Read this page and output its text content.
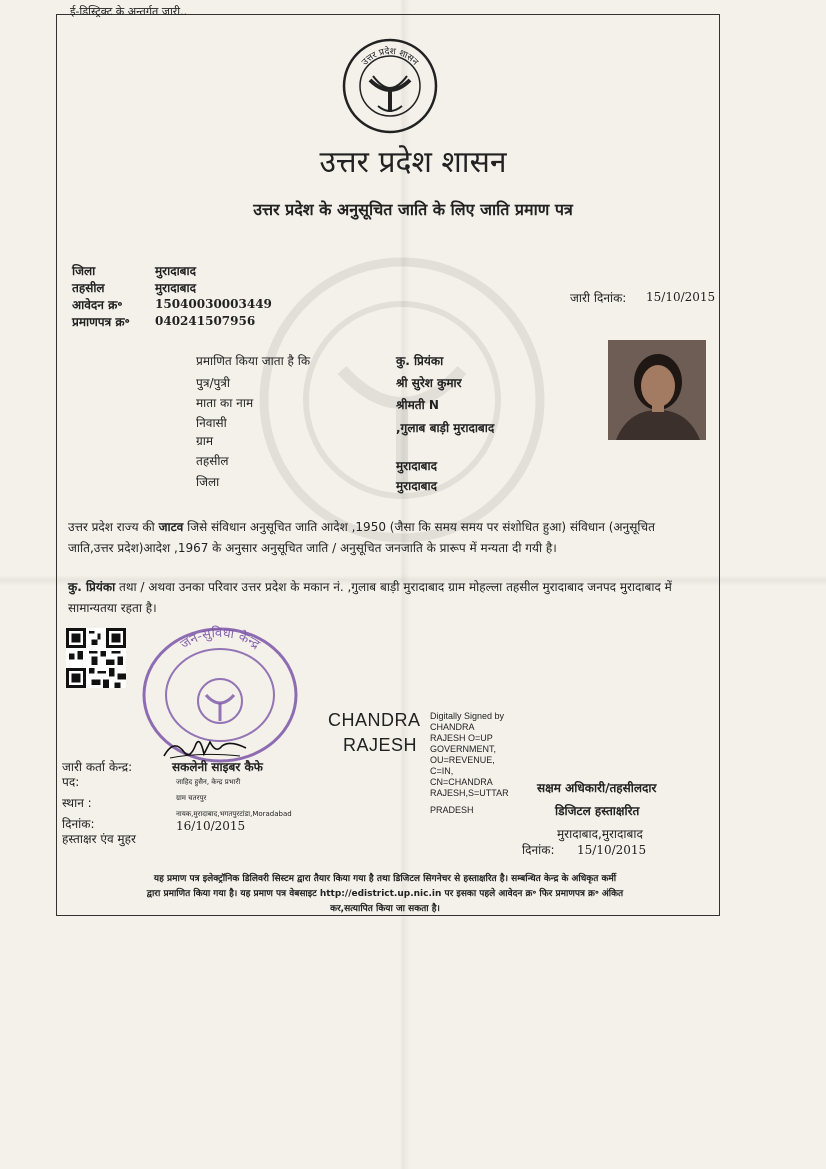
ई-डिस्ट्रिक्ट के अन्तर्गत जारी..
उत्तर प्रदेश शासन
उत्तर प्रदेश शासन
उत्तर प्रदेश के अनुसूचित जाति के लिए जाति प्रमाण पत्र
जिला	मुरादाबाद
तहसील	मुरादाबाद
आवेदन क्र॰	15040030003449
प्रमाणपत्र क्र॰ 040241507956
जारी दिनांक: 15/10/2015
प्रमाणित किया जाता है कि	कु. प्रियंका
पुत्र/पुत्री	श्री सुरेश कुमार
माता का नाम	श्रीमती N
निवासी	,गुलाब बाड़ी मुरादाबाद
ग्राम
तहसील	मुरादाबाद
जिला	मुरादाबाद
उत्तर प्रदेश राज्य की जाटव जिसे संविधान अनुसूचित जाति आदेश ,1950 (जैसा कि समय समय पर संशोधित हुआ) संविधान (अनुसूचित जाति,उत्तर प्रदेश)आदेश ,1967 के अनुसार अनुसूचित जाति / अनुसूचित जनजाति के प्रारूप में मन्यता दी गयी है।
कु. प्रियंका तथा / अथवा उनका परिवार उत्तर प्रदेश के मकान नं. ,गुलाब बाड़ी मुरादाबाद ग्राम मोहल्ला तहसील मुरादाबाद जनपद मुरादाबाद में सामान्यतया रहता है।
जन-सुविधा केन्द्र
जारी कर्ता केन्द्र:	सकलेनी साइबर कैफे
पद:	जाहिद हुसैन, केन्द्र प्रभारी
ग्राम चतरपुर
स्थान :
नायक,मुरादाबाद,भगतपुरटांडा,Moradabad
दिनांक:	16/10/2015
हस्ताक्षर एंव मुहर
CHANDRA
RAJESH
Digitally Signed by
CHANDRA
RAJESH O=UP
GOVERNMENT,
OU=REVENUE,
C=IN,
CN=CHANDRA
RAJESH,S=UTTAR
PRADESH
सक्षम अधिकारी/तहसीलदार
डिजिटल हस्ताक्षरित
मुरादाबाद,मुरादाबाद
दिनांक: 15/10/2015
यह प्रमाण पत्र इलेक्ट्रॉनिक डिलिवरी सिस्टम द्वारा तैयार किया गया है तथा डिजिटल सिगनेचर से हस्ताक्षरित है। सम्बन्धित केन्द्र के अधिकृत कर्मी
द्वारा प्रमाणित किया गया है। यह प्रमाण पत्र वेबसाइट http://edistrict.up.nic.in पर इसका पहले आवेदन क्र॰ फिर प्रमाणपत्र क्र॰ अंकित
कर,सत्यापित किया जा सकता है।
